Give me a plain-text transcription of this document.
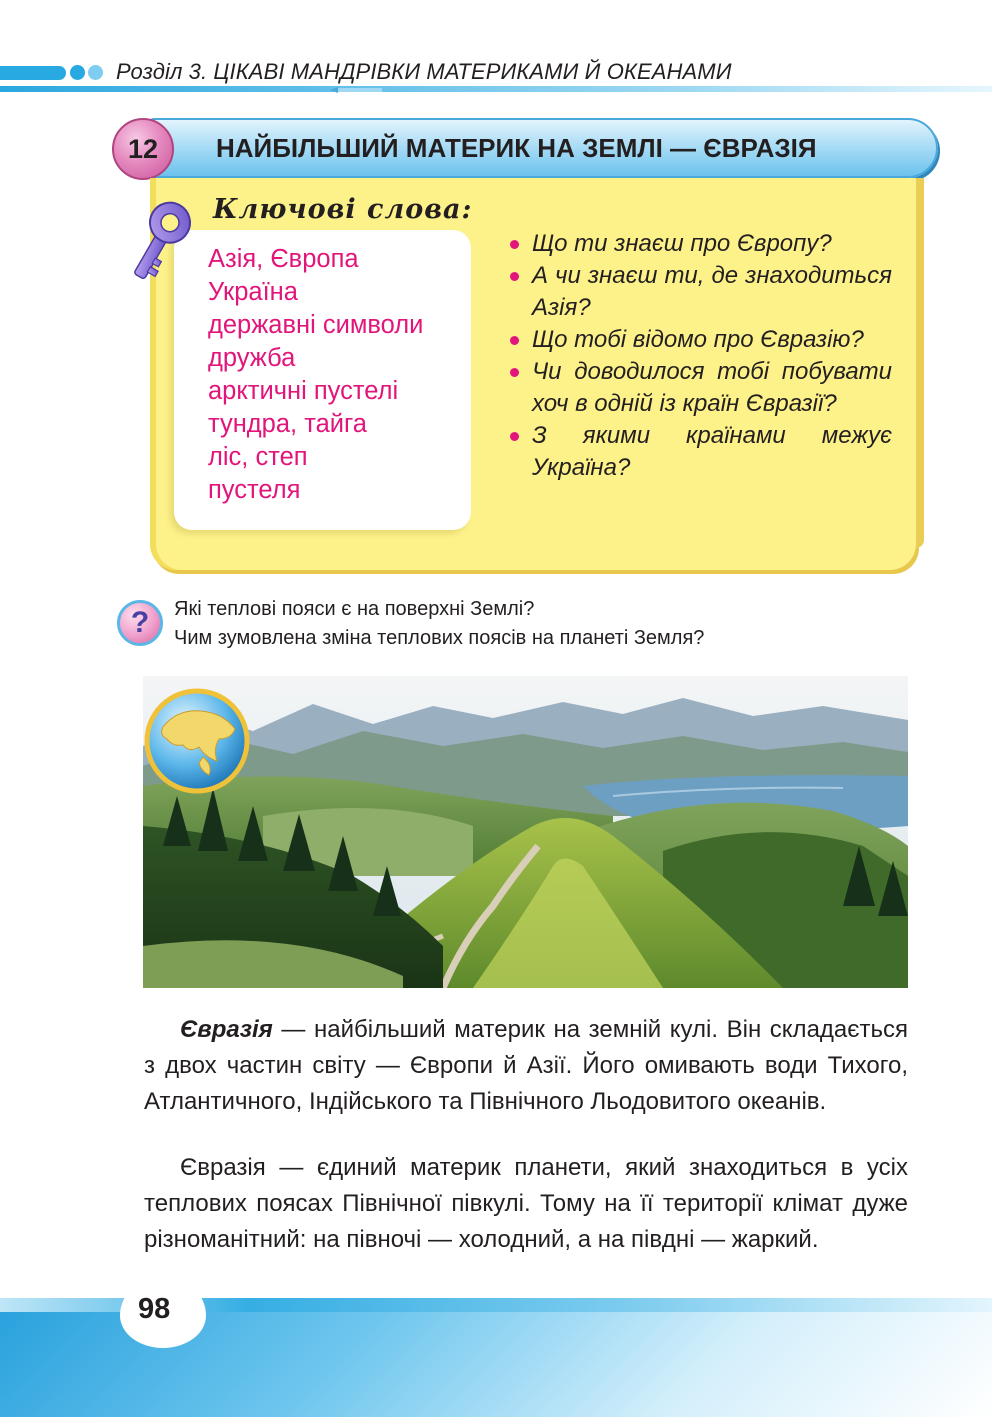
Розділ 3. ЦІКАВІ МАНДРІВКИ МАТЕРИКАМИ Й ОКЕАНАМИ
НАЙБІЛЬШИЙ МАТЕРИК НА ЗЕМЛІ — ЄВРАЗІЯ
12
Ключові слова:
Азія, Європа
Україна
державні символи
дружба
арктичні пустелі
тундра, тайга
ліс, степ
пустеля
Що ти знаєш про Європу?
А чи знаєш ти, де знаходиться Азія?
Що тобі відомо про Євразію?
Чи доводилося тобі побувати хоч в одній із країн Євразії?
З якими країнами межує Україна?
?	Які теплові пояси є на поверхні Землі?
Чим зумовлена зміна теплових поясів на планеті Земля?
Євразія — найбільший материк на земній кулі. Він складається з двох частин світу — Європи й Азії. Його омивають води Тихого, Атлантичного, Індійського та Північного Льодовитого океанів.
Євразія — єдиний материк планети, який знаходиться в усіх теплових поясах Північної півкулі. Тому на її території клімат дуже різноманітний: на півночі — холодний, а на півдні — жаркий.
98
